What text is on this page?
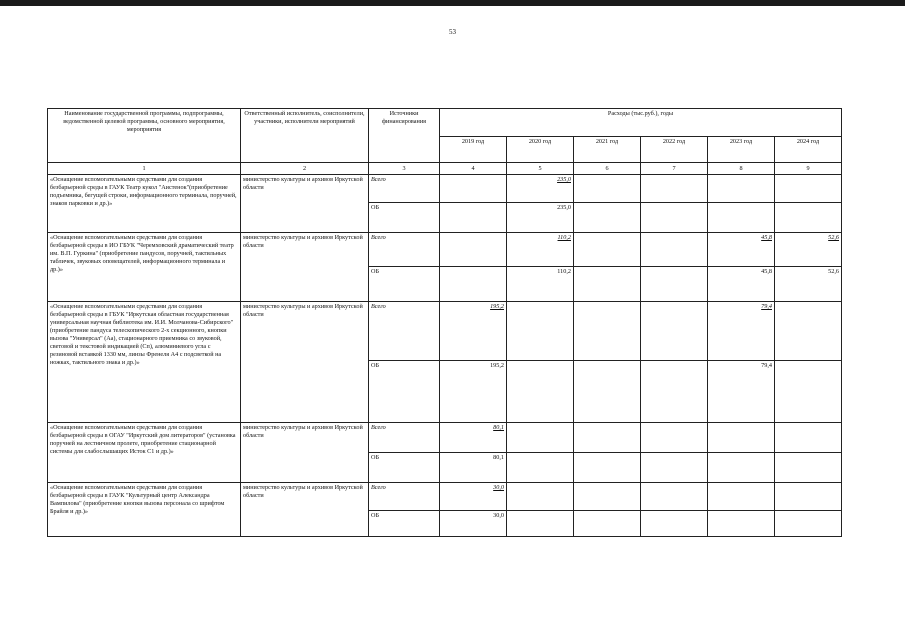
53
Наименование государственной программы, подпрограммы, ведомственной целевой программы, основного мероприятия, мероприятия	Ответственный исполнитель, соисполнители, участники, исполнители мероприятий	Источники финансирования	Расходы (тыс.руб.), годы					
			2019 год	2020 год	2021 год	2022 год	2023 год	2024 год
1	2	3	4	5	6	7	8	9
«Оснащение вспомогательными средствами для создания безбарьерной среды в ГАУК Театр кукол "Аистенок"(приобретение подъемника, бегущей строки, информационного терминала, поручней, знаков парковки и др.)»	министерство культуры и архивов Иркутской области	Всего		235,0				
		ОБ		235,0				
«Оснащение вспомогательными средствами для создания безбарьерной среды в ИО ГБУК "Черемховский драматический театр им. В.П. Гуркина" (приобретение пандусов, поручней, тактильных табличек, звуковых оповещателей, информационного терминала и др.)»	министерство культуры и архивов Иркутской области	Всего		110,2			45,8	52,6
		ОБ		110,2			45,8	52,6
«Оснащение вспомогательными средствами для создания безбарьерной среды в ГБУК "Иркутская областная государственная универсальная научная библиотека им. И.И. Молчанова-Сибирского" (приобретение пандуса телескопического 2-х секционного, кнопки вызова "Универсал" (Аа), стационарного приемника со звуковой, световой и текстовой индикацией (Cп), алюминиевого угла с резиновой вставкой 1330 мм, линзы Френеля А4 с подсветкой на ножках, тактильного знака и др.)»	министерство культуры и архивов Иркутской области	Всего	195,2				79,4	
		ОБ	195,2				79,4	
«Оснащение вспомогательными средствами для создания безбарьерной среды в ОГАУ "Иркутский дом литераторов" (установка поручней на лестничном пролете, приобретение стационарной системы для слабослышащих Исток С1 и др.)»	министерство культуры и архивов Иркутской области	Всего	80,1					
		ОБ	80,1					
«Оснащение вспомогательными средствами для создания безбарьерной среды в ГАУК "Культурный центр Александра Вампилова" (приобретение кнопки вызова персонала со шрифтом Брайля и др.)»	министерство культуры и архивов Иркутской области	Всего	30,0					
		ОБ	30,0					
